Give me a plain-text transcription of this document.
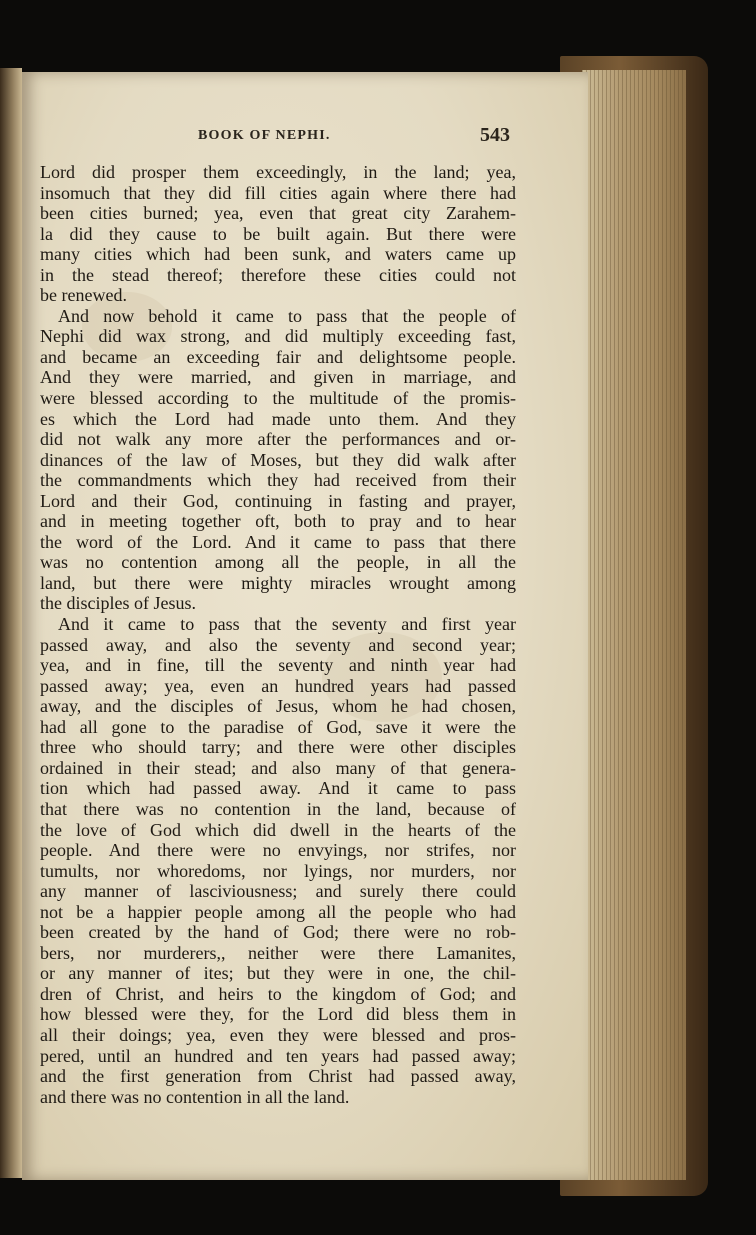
BOOK OF NEPHI.	543
Lord did prosper them exceedingly, in the land; yea,
insomuch that they did fill cities again where there had
been cities burned; yea, even that great city Zarahem-
la did they cause to be built again. But there were
many cities which had been sunk, and waters came up
in the stead thereof; therefore these cities could not
be renewed.
And now behold it came to pass that the people of
Nephi did wax strong, and did multiply exceeding fast,
and became an exceeding fair and delightsome people.
And they were married, and given in marriage, and
were blessed according to the multitude of the promis-
es which the Lord had made unto them. And they
did not walk any more after the performances and or-
dinances of the law of Moses, but they did walk after
the commandments which they had received from their
Lord and their God, continuing in fasting and prayer,
and in meeting together oft, both to pray and to hear
the word of the Lord. And it came to pass that there
was no contention among all the people, in all the
land, but there were mighty miracles wrought among
the disciples of Jesus.
And it came to pass that the seventy and first year
passed away, and also the seventy and second year;
yea, and in fine, till the seventy and ninth year had
passed away; yea, even an hundred years had passed
away, and the disciples of Jesus, whom he had chosen,
had all gone to the paradise of God, save it were the
three who should tarry; and there were other disciples
ordained in their stead; and also many of that genera-
tion which had passed away. And it came to pass
that there was no contention in the land, because of
the love of God which did dwell in the hearts of the
people. And there were no envyings, nor strifes, nor
tumults, nor whoredoms, nor lyings, nor murders, nor
any manner of lasciviousness; and surely there could
not be a happier people among all the people who had
been created by the hand of God; there were no rob-
bers, nor murderers,, neither were there Lamanites,
or any manner of ites; but they were in one, the chil-
dren of Christ, and heirs to the kingdom of God; and
how blessed were they, for the Lord did bless them in
all their doings; yea, even they were blessed and pros-
pered, until an hundred and ten years had passed away;
and the first generation from Christ had passed away,
and there was no contention in all the land.
